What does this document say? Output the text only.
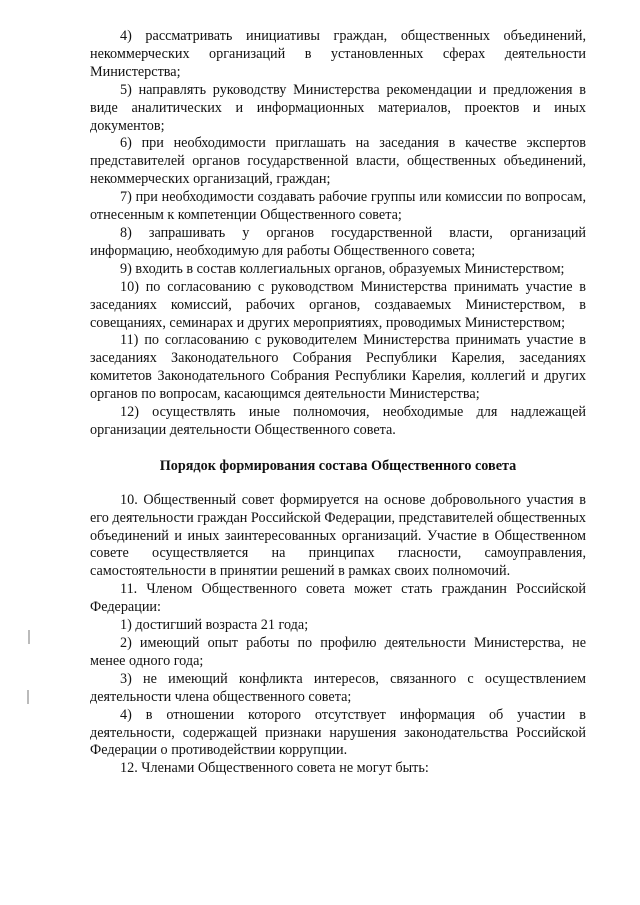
4) рассматривать инициативы граждан, общественных объединений, некоммерческих организаций в установленных сферах деятельности Министерства;

5) направлять руководству Министерства рекомендации и предложения в виде аналитических и информационных материалов, проектов и иных документов;

6) при необходимости приглашать на заседания в качестве экспертов представителей органов государственной власти, общественных объединений, некоммерческих организаций, граждан;

7) при необходимости создавать рабочие группы или комиссии по вопросам, отнесенным к компетенции Общественного совета;

8) запрашивать у органов государственной власти, организаций информацию, необходимую для работы Общественного совета;

9) входить в состав коллегиальных органов, образуемых Министерством;

10) по согласованию с руководством Министерства принимать участие в заседаниях комиссий, рабочих органов, создаваемых Министерством, в совещаниях, семинарах и других мероприятиях, проводимых Министерством;

11) по согласованию с руководителем Министерства принимать участие в заседаниях Законодательного Собрания Республики Карелия, заседаниях комитетов Законодательного Собрания Республики Карелия, коллегий и других органов по вопросам, касающимся деятельности Министерства;

12) осуществлять иные полномочия, необходимые для надлежащей организации деятельности Общественного совета.

Порядок формирования состава Общественного совета

10. Общественный совет формируется на основе добровольного участия в его деятельности граждан Российской Федерации, представителей общественных объединений и иных заинтересованных организаций. Участие в Общественном совете осуществляется на принципах гласности, самоуправления, самостоятельности в принятии решений в рамках своих полномочий.

11. Членом Общественного совета может стать гражданин Российской Федерации:

1) достигший возраста 21 года;

2) имеющий опыт работы по профилю деятельности Министерства, не менее одного года;

3) не имеющий конфликта интересов, связанного с осуществлением деятельности члена общественного совета;

4) в отношении которого отсутствует информация об участии в деятельности, содержащей признаки нарушения законодательства Российской Федерации о противодействии коррупции.

12. Членами Общественного совета не могут быть:
